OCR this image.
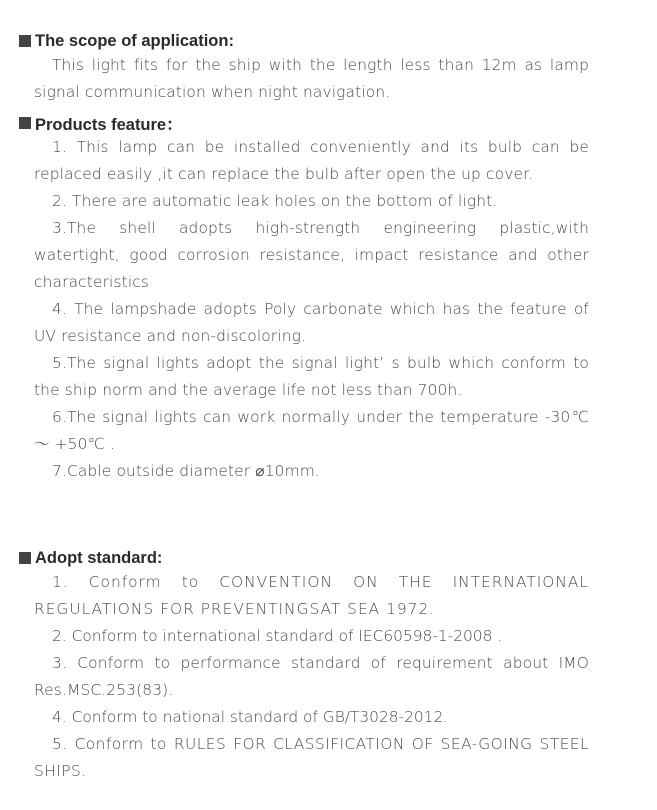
The scope of application:

This light fits for the ship with the length less than 12m as lamp signal communication when night navigation.

Products feature：

1. This lamp can be installed conveniently and its bulb can be replaced easily ,it can replace the bulb after open the up cover.

2. There are automatic leak holes on the bottom of light.

3.The shell adopts high-strength engineering plastic,with watertight, good corrosion resistance, impact resistance and other characteristics

4. The lampshade adopts Poly carbonate which has the feature of UV resistance and non-discoloring.

5.The signal lights adopt the signal light’ s bulb which conform to the ship norm and the average life not less than 700h.

6.The signal lights can work normally under the temperature -30℃ ～ +50℃ .

7.Cable outside diameter ⌀10mm.

Adopt standard:

1. Conform to CONVENTION ON THE INTERNATIONAL REGULATIONS FOR PREVENTINGSAT SEA 1972.

2. Conform to international standard of IEC60598-1-2008 .

3. Conform to performance standard of requirement about IMO Res.MSC.253(83).

4. Conform to national standard of GB/T3028-2012.

5. Conform to RULES FOR CLASSIFICATION OF SEA-GOING STEEL SHIPS.
